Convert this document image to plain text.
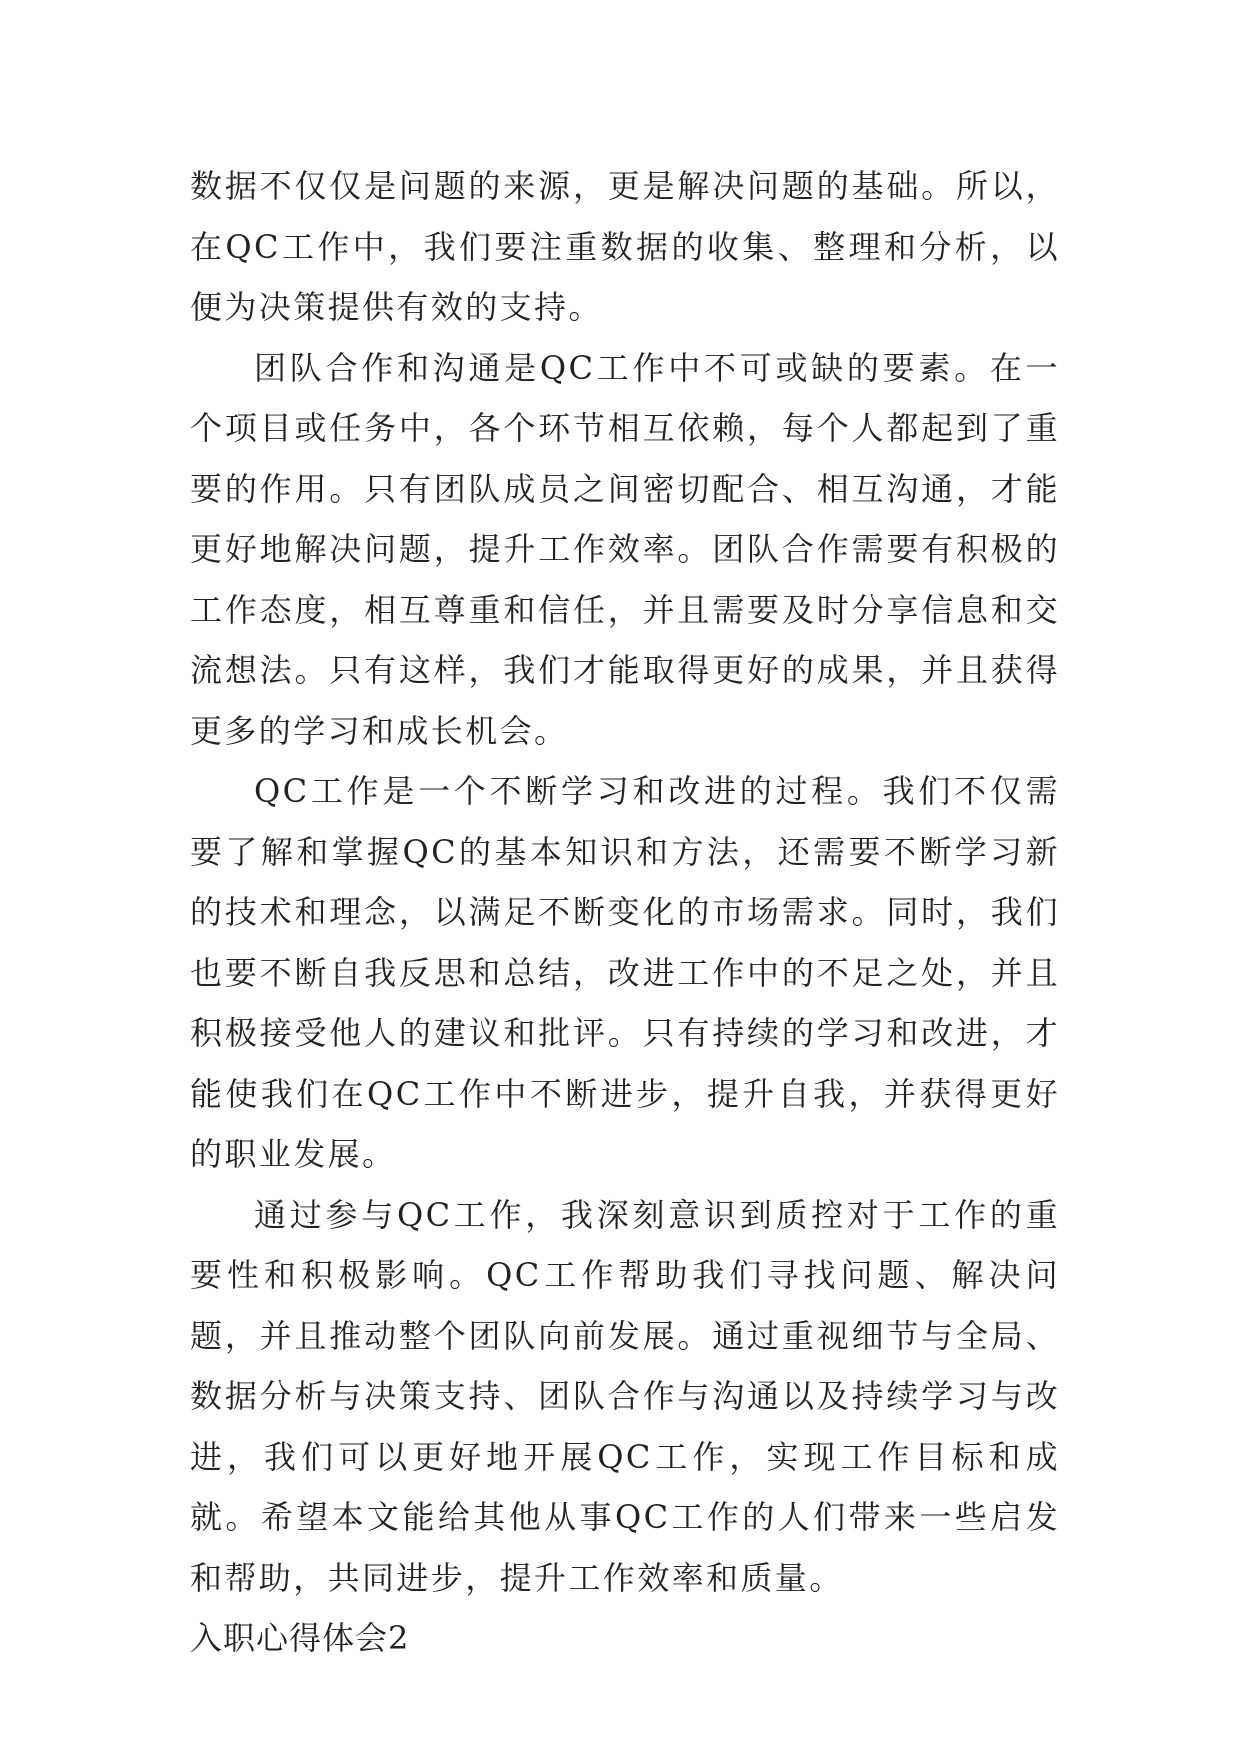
数据不仅仅是问题的来源，更是解决问题的基础。所以，在QC工作中，我们要注重数据的收集、整理和分析，以便为决策提供有效的支持。

团队合作和沟通是QC工作中不可或缺的要素。在一个项目或任务中，各个环节相互依赖，每个人都起到了重要的作用。只有团队成员之间密切配合、相互沟通，才能更好地解决问题，提升工作效率。团队合作需要有积极的工作态度，相互尊重和信任，并且需要及时分享信息和交流想法。只有这样，我们才能取得更好的成果，并且获得更多的学习和成长机会。

QC工作是一个不断学习和改进的过程。我们不仅需要了解和掌握QC的基本知识和方法，还需要不断学习新的技术和理念，以满足不断变化的市场需求。同时，我们也要不断自我反思和总结，改进工作中的不足之处，并且积极接受他人的建议和批评。只有持续的学习和改进，才能使我们在QC工作中不断进步，提升自我，并获得更好的职业发展。

通过参与QC工作，我深刻意识到质控对于工作的重要性和积极影响。QC工作帮助我们寻找问题、解决问题，并且推动整个团队向前发展。通过重视细节与全局、数据分析与决策支持、团队合作与沟通以及持续学习与改进，我们可以更好地开展QC工作，实现工作目标和成就。希望本文能给其他从事QC工作的人们带来一些启发和帮助，共同进步，提升工作效率和质量。

入职心得体会2
